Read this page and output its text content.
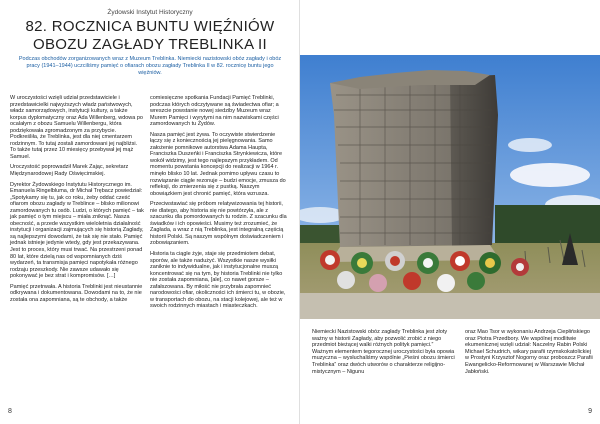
Żydowski Instytut Historyczny
82. ROCZNICA BUNTU WIĘŹNIÓW
OBOZU ZAGŁADY TREBLINKA II

Podczas obchodów zorganizowanych wraz z Muzeum Treblinka. Niemiecki nazistowski obóz zagłady i obóz pracy (1941–1944) uczciliśmy pamięć o ofiarach obozu zagłady Treblinka II w 82. rocznicę buntu jego więźniów.

W uroczystości wzięli udział przedstawiciele i przedstawicielki najwyższych władz państwowych, władz samorządowych, instytucji kultury, a także korpus dyplomatyczny oraz Ada Willenberg, wdowa po ocalałym z obozu Samuelu Willenbergu, która podziękowała zgromadzonym za przybycie. Podkreśliła, że Treblinka, jest dla niej cmentarzem rodzinnym. To tutaj zostali zamordowani jej najbliżsi. To także tutaj przez 10 miesięcy przebywał jej mąż Samuel.

Uroczystość poprowadził Marek Zając, sekretarz Międzynarodowej Rady Oświęcimskiej.

Dyrektor Żydowskiego Instytutu Historycznego im. Emanuela Ringelbluma, dr Michał Trębacz powiedział: „Spotykamy się tu, jak co roku, żeby oddać cześć ofiarom obozu zagłady w Treblince – blisko milionowi zamordowanych tu osób. Ludzi, o których pamięć – tak jak pamięć o tym miejscu – miała zniknąć. Nasza obecność, a przede wszystkim wieloletnia działalność instytucji i organizacji zajmujących się historią Zagłady, są najlepszymi dowodami, że tak się nie stało. Pamięć jednak istnieje jedynie wtedy, gdy jest przekazywana. Jest to proces, który musi trwać. Na przestrzeni ponad 80 lat, które dzielą nas od wspomnianych dziś wydarzeń, ta transmisja pamięci napotykała różnego rodzaju przeszkody. Nie zawsze udawało się pokonywać je bez strat i kompromisów. […]

Pamięć przetrwała. A historia Treblinki jest nieustannie odkrywana i dokumentowana. Dowodami na to, że nie została ona zapomniana, są te obchody, a także

comiesięczne spotkania Fundacji Pamięć Treblinki, podczas których odczytywane są świadectwa ofiar; a wreszcie powstanie nowej siedziby Muzeum wraz Murem Pamięci i wyrytymi na nim nazwiskami części zamordowanych tu Żydów.

Nasza pamięć jest żywa. To oczywiste stwierdzenie łączy się z koniecznością jej pielęgnowania. Samo założenie pomnikowe autorstwa Adama Haupta, Franciszka Duszeńki i Franciszka Strynkiewicza, które wokół widzimy, jest tego najlepszym przykładem. Od momentu powstania koncepcji do realizacji w 1964 r. minęło blisko 10 lat. Jednak pomimo upływu czasu to rozwiązanie ciągle rezonuje – budzi emocje, zmusza do refleksji, do zmierzenia się z pustką. Naszym obowiązkiem jest chronić pamięć, która wzrusza.

Przeciwstawiać się próbom relatywizowania tej historii, nie dlatego, aby historia się nie powtórzyła, ale z szacunku dla pomordowanych tu rodzin. Z szacunku dla świadków i ich opowieści. Musimy też zrozumieć, że Zagłada, a wraz z nią Treblinka, jest integralną częścią historii Polski. Są naszym wspólnym doświadczeniem i zobowiązaniem.

Historia ta ciągle żyje, staje się przedmiotem debat, sporów, ale także nadużyć. Wszystkie nasze wysiłki zaniknie to indywidualne, jak i instytucjonalne muszą koncentrować się na tym, by historia Treblinki nie tylko nie została zapomniana, [ale], co nawet gorsze – zafałszowana. By miłość nie przybrała zapomnieć narodowości ofiar, okoliczności ich śmierci tu, w obozie, w transportach do obozu, na stacji kolejowej, ale też w swoich rodzinnych miastach i miasteczkach.

8
Niemiecki Nazistowski obóz zagłady Treblinka jest złoty ważny w historii Zagłady, aby pozwolić zrobić z niego przedmiot bieżącej walki różnych polityk pamięci.” Ważnym elementem tegorocznej uroczystości była opowia muzyczna – wysłuchaliśmy wspólnie „Pieśni obozu śmierci Treblinka” oraz dwóch utworów o charakterze religijno-mistycznym – Nigunu
oraz Mao Tsor w wykonaniu Andrzeja Ciepłińskiego oraz Piotra Przedbory. We wspólnej modlitwie ekumenicznej wzięli udział: Naczelny Rabin Polski Michael Schudrich, wikary parafii rzymskokatolickiej w Prostyni Krzysztof Nogorny oraz proboszcz Parafii Ewangelicko-Reformowanej w Warszawie Michał Jabłoński.
9
